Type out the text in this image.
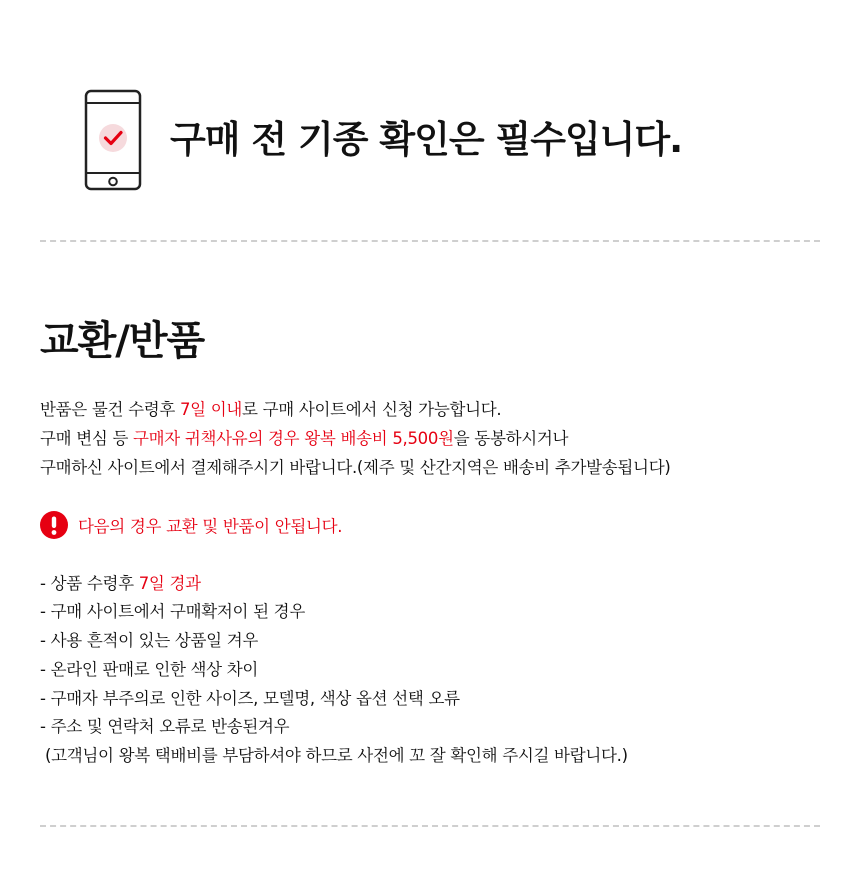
구매 전 기종 확인은 필수입니다.
교환/반품
반품은 물건 수령후 7일 이내로 구매 사이트에서 신청 가능합니다.
구매 변심 등 구매자 귀책사유의 경우 왕복 배송비 5,500원을 동봉하시거나
구매하신 사이트에서 결제해주시기 바랍니다.(제주 및 산간지역은 배송비 추가발송됩니다)
다음의 경우 교환 및 반품이 안됩니다.
- 상품 수령후 7일 경과
- 구매 사이트에서 구매확저이 된 경우
- 사용 흔적이 있는 상품일 겨우
- 온라인 판매로 인한 색상 차이
- 구매자 부주의로 인한 사이즈, 모델명, 색상 옵션 선택 오류
- 주소 및 연락처 오류로 반송된겨우
(고객님이 왕복 택배비를 부담하셔야 하므로 사전에 꼬 잘 확인해 주시길 바랍니다.)
